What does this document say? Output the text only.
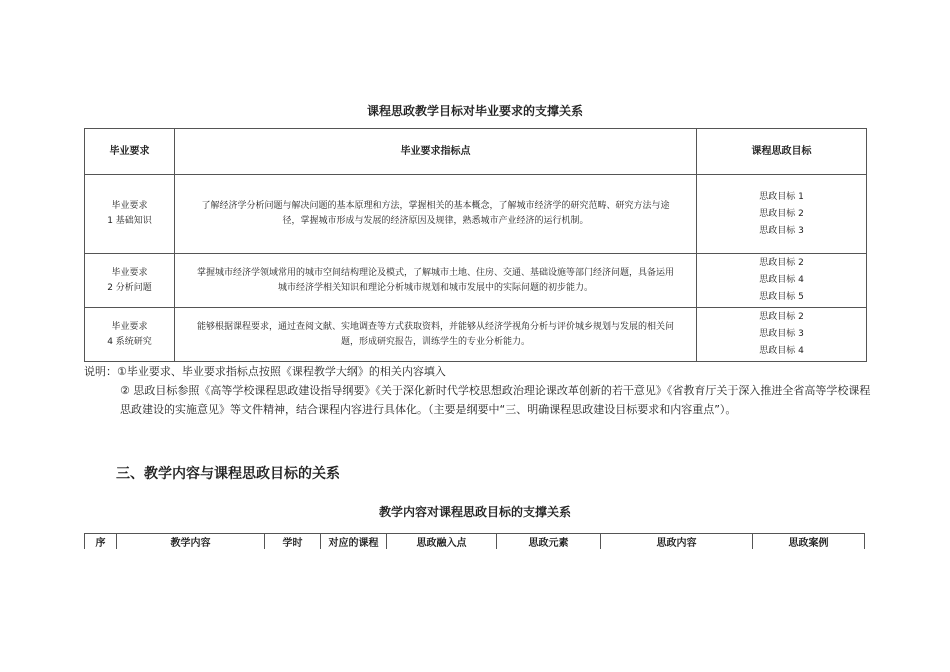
课程思政教学目标对毕业要求的支撑关系
毕业要求	毕业要求指标点	课程思政目标
毕业要求
1 基础知识	了解经济学分析问题与解决问题的基本原理和方法，掌握相关的基本概念，了解城市经济学的研究范畴、研究方法与途径，掌握城市形成与发展的经济原因及规律，熟悉城市产业经济的运行机制。	思政目标 1
思政目标 2
思政目标 3

毕业要求
2 分析问题	掌握城市经济学领域常用的城市空间结构理论及模式，了解城市土地、住房、交通、基础设施等部门经济问题，具备运用城市经济学相关知识和理论分析城市规划和城市发展中的实际问题的初步能力。	思政目标 2
思政目标 4
思政目标 5

毕业要求
4 系统研究	能够根据课程要求，通过查阅文献、实地调查等方式获取资料，并能够从经济学视角分析与评价城乡规划与发展的相关问题，形成研究报告，训练学生的专业分析能力。	思政目标 2
思政目标 3
思政目标 4
说明：①毕业要求、毕业要求指标点按照《课程教学大纲》的相关内容填入
② 思政目标参照《高等学校课程思政建设指导纲要》《关于深化新时代学校思想政治理论课改革创新的若干意见》《省教育厅关于深入推进全省高等学校课程思政建设的实施意见》等文件精神，结合课程内容进行具体化。（主要是纲要中“三、明确课程思政建设目标要求和内容重点”）。
三、教学内容与课程思政目标的关系
教学内容对课程思政目标的支撑关系
序	教学内容	学时	对应的课程	思政融入点	思政元素	思政内容	思政案例
